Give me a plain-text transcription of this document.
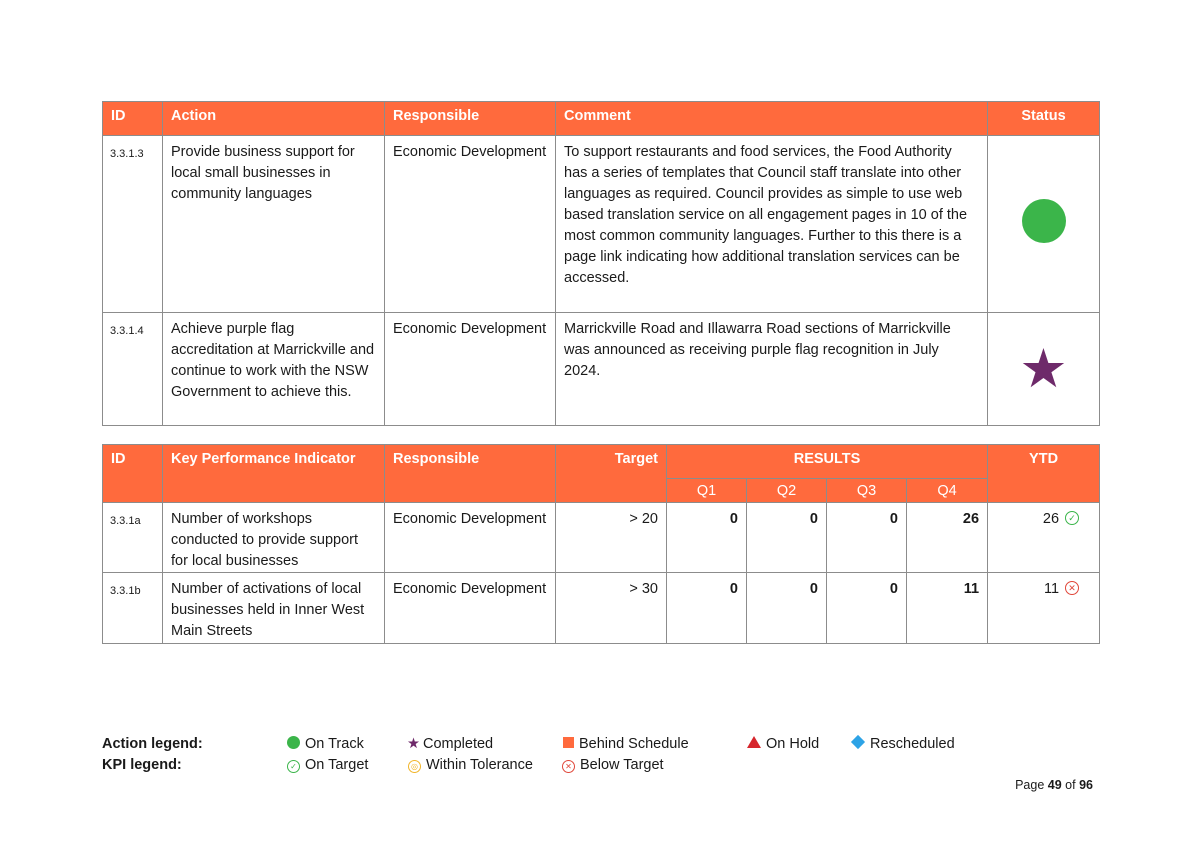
ID	Action	Responsible	Comment	Status
3.3.1.3	Provide business support for local small businesses in community languages	Economic Development	To support restaurants and food services, the Food Authority has a series of templates that Council staff translate into other languages as required. Council provides as simple to use web based translation service on all engagement pages in 10 of the most common community languages. Further to this there is a page link indicating how additional translation services can be accessed.	
3.3.1.4	Achieve purple flag accreditation at Marrickville and continue to work with the NSW Government to achieve this.	Economic Development	Marrickville Road and Illawarra Road sections of Marrickville was announced as receiving purple flag recognition in July 2024.	★
ID	Key Performance Indicator	Responsible	Target	RESULTS				YTD
				Q1	Q2	Q3	Q4	
3.3.1a	Number of workshops conducted to provide support for local businesses	Economic Development	> 20	0	0	0	26	26 ✓
3.3.1b	Number of activations of local businesses held in Inner West Main Streets	Economic Development	> 30	0	0	0	11	11 ✕
Action legend:	On Track	★ Completed	Behind Schedule	On Hold	Rescheduled
KPI legend:	✓ On Target	◎ Within Tolerance	✕ Below Target
Page 49 of 96
